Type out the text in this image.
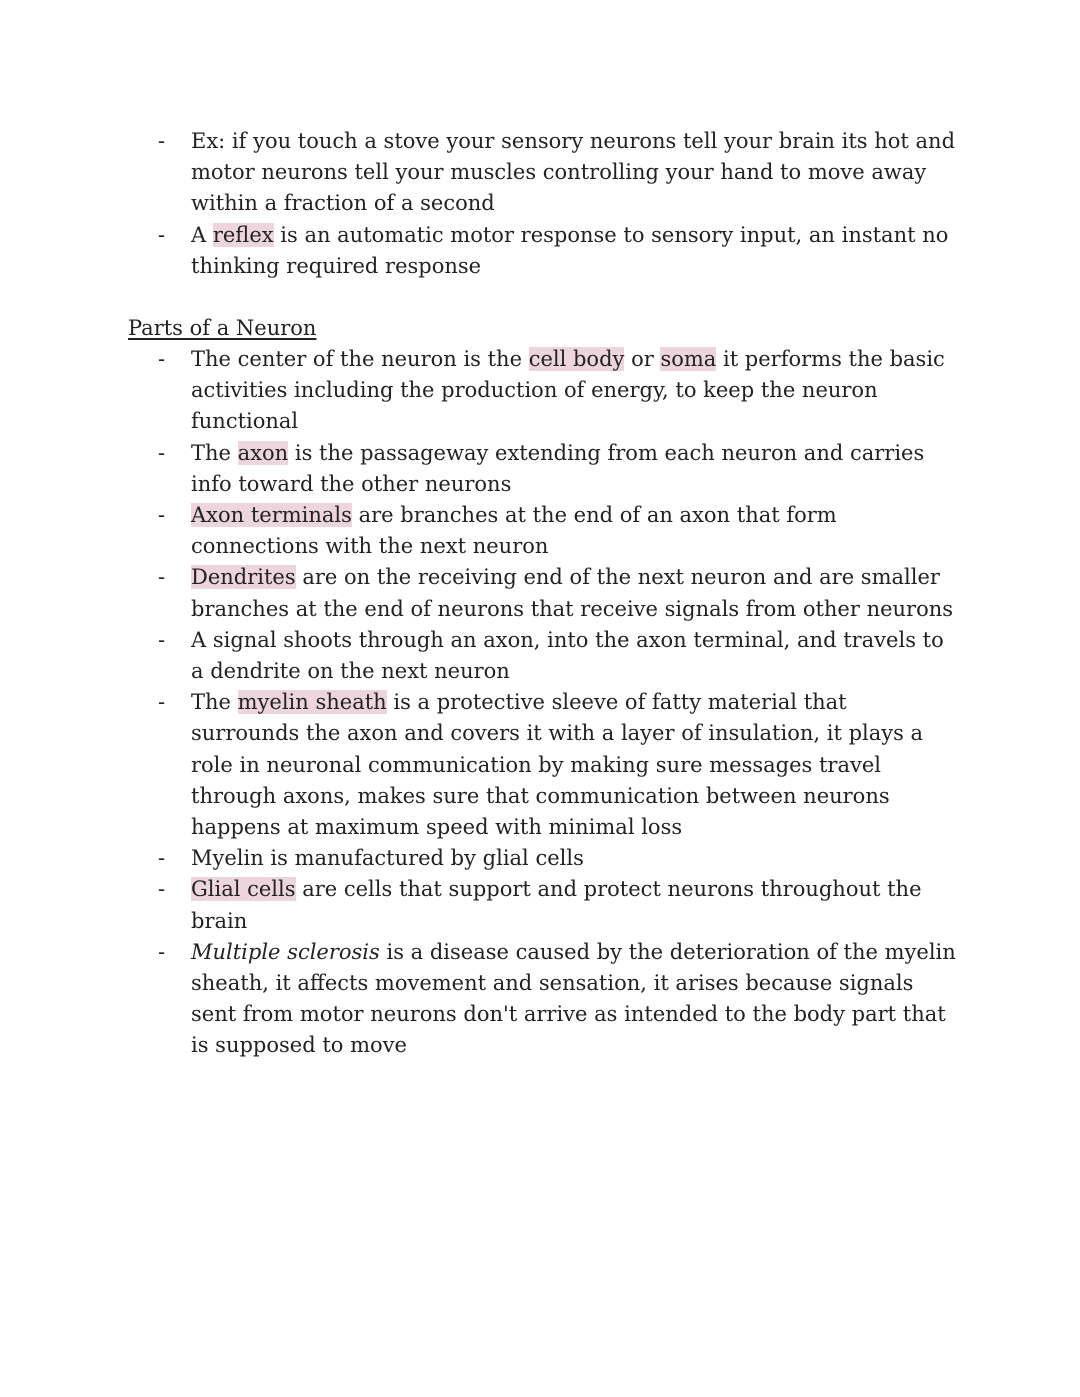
- Ex: if you touch a stove your sensory neurons tell your brain its hot and motor neurons tell your muscles controlling your hand to move away within a fraction of a second
- A reflex is an automatic motor response to sensory input, an instant no thinking required response
Parts of a Neuron
- The center of the neuron is the cell body or soma it performs the basic activities including the production of energy, to keep the neuron functional
- The axon is the passageway extending from each neuron and carries info toward the other neurons
- Axon terminals are branches at the end of an axon that form connections with the next neuron
- Dendrites are on the receiving end of the next neuron and are smaller branches at the end of neurons that receive signals from other neurons
- A signal shoots through an axon, into the axon terminal, and travels to a dendrite on the next neuron
- The myelin sheath is a protective sleeve of fatty material that surrounds the axon and covers it with a layer of insulation, it plays a role in neuronal communication by making sure messages travel through axons, makes sure that communication between neurons happens at maximum speed with minimal loss
- Myelin is manufactured by glial cells
- Glial cells are cells that support and protect neurons throughout the brain
- Multiple sclerosis is a disease caused by the deterioration of the myelin sheath, it affects movement and sensation, it arises because signals sent from motor neurons don't arrive as intended to the body part that is supposed to move
